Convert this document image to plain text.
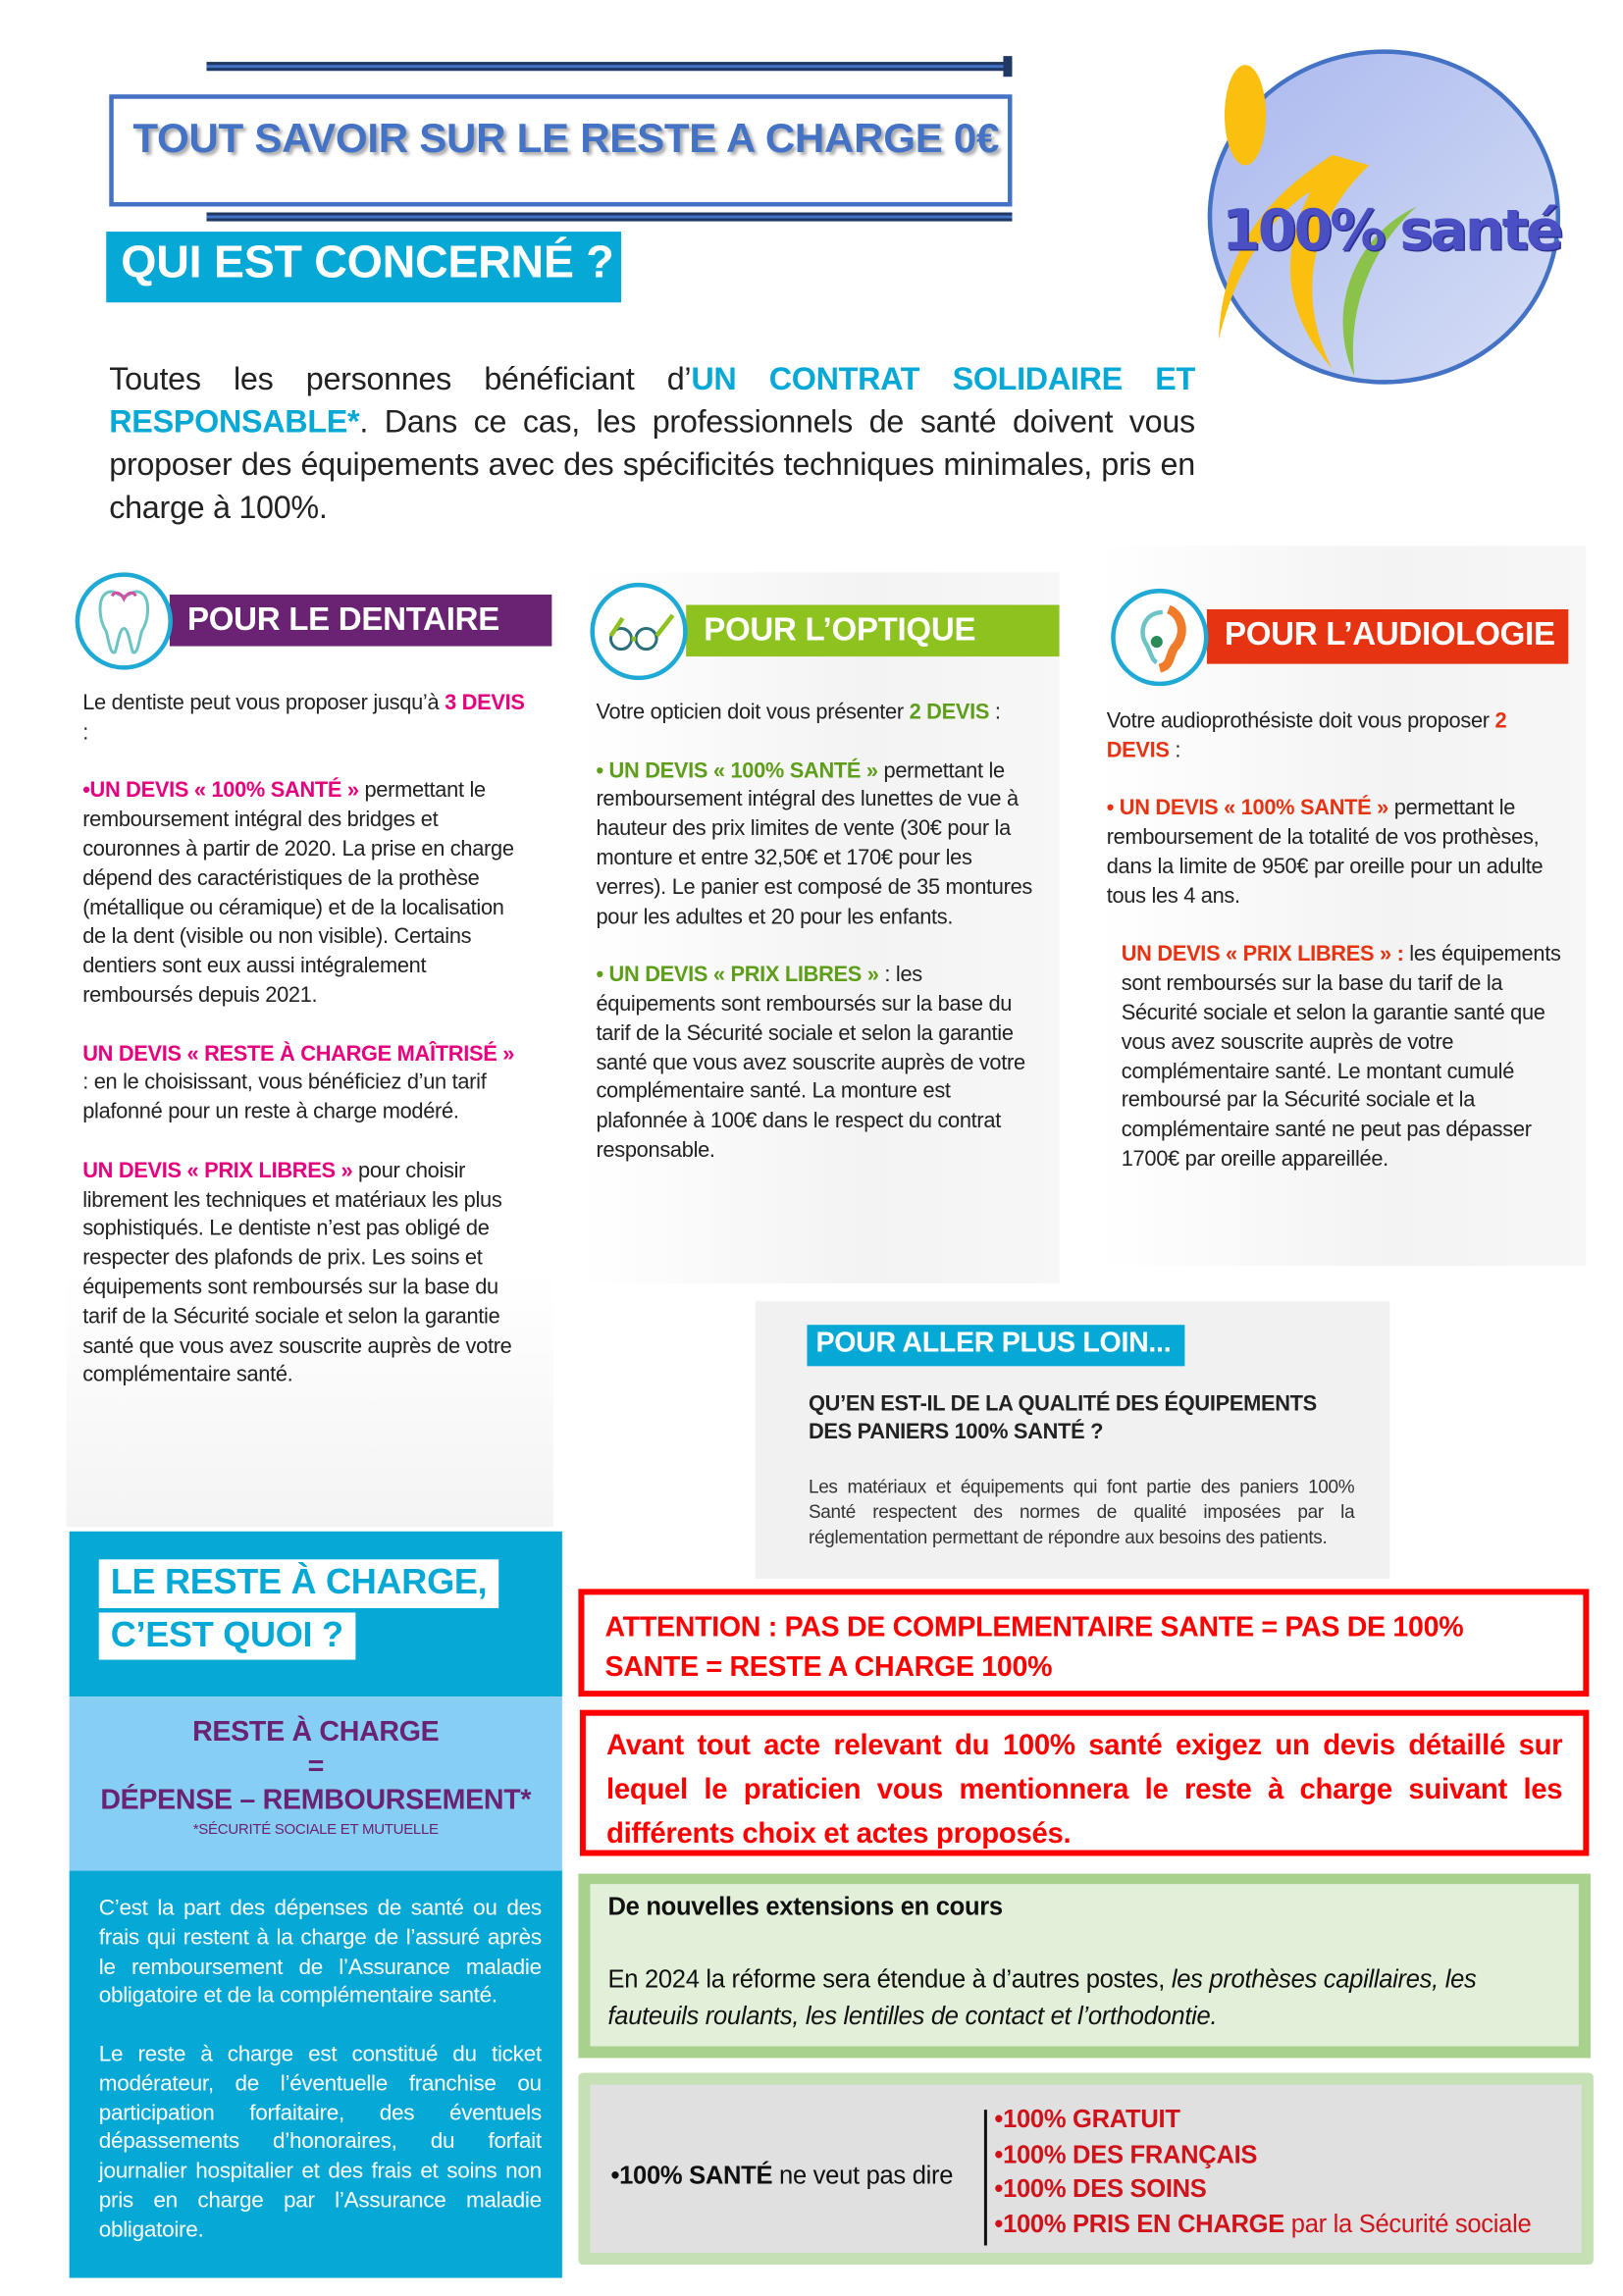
TOUT SAVOIR SUR LE RESTE A CHARGE 0€
QUI EST CONCERNÉ ?	100% santé
Toutes les personnes bénéficiant d’UN CONTRAT SOLIDAIRE ET RESPONSABLE*. Dans ce cas, les professionnels de santé doivent vous proposer des équipements avec des spécificités techniques minimales, pris en charge à 100%.
POUR LE DENTAIRE

Le dentiste peut vous proposer jusqu’à 3 DEVIS :

•UN DEVIS « 100% SANTÉ » permettant le remboursement intégral des bridges et couronnes à partir de 2020. La prise en charge dépend des caractéristiques de la prothèse (métallique ou céramique) et de la localisation de la dent (visible ou non visible). Certains dentiers sont eux aussi intégralement remboursés depuis 2021.

UN DEVIS « RESTE À CHARGE MAÎTRISÉ » : en le choisissant, vous bénéficiez d’un tarif plafonné pour un reste à charge modéré.

UN DEVIS « PRIX LIBRES » pour choisir librement les techniques et matériaux les plus sophistiqués. Le dentiste n’est pas obligé de respecter des plafonds de prix. Les soins et équipements sont remboursés sur la base du tarif de la Sécurité sociale et selon la garantie santé que vous avez souscrite auprès de votre complémentaire santé.

POUR L’OPTIQUE

Votre opticien doit vous présenter 2 DEVIS :

• UN DEVIS « 100% SANTÉ » permettant le remboursement intégral des lunettes de vue à hauteur des prix limites de vente (30€ pour la monture et entre 32,50€ et 170€ pour les verres). Le panier est composé de 35 montures pour les adultes et 20 pour les enfants.

• UN DEVIS « PRIX LIBRES » : les équipements sont remboursés sur la base du tarif de la Sécurité sociale et selon la garantie santé que vous avez souscrite auprès de votre complémentaire santé. La monture est plafonnée à 100€ dans le respect du contrat responsable.

POUR L’AUDIOLOGIE

Votre audioprothésiste doit vous proposer 2 DEVIS :

• UN DEVIS « 100% SANTÉ » permettant le remboursement de la totalité de vos prothèses, dans la limite de 950€ par oreille pour un adulte tous les 4 ans.

UN DEVIS « PRIX LIBRES » : les équipements sont remboursés sur la base du tarif de la Sécurité sociale et selon la garantie santé que vous avez souscrite auprès de votre complémentaire santé. Le montant cumulé remboursé par la Sécurité sociale et la complémentaire santé ne peut pas dépasser 1700€ par oreille appareillée.

POUR ALLER PLUS LOIN...
QU’EN EST-IL DE LA QUALITÉ DES ÉQUIPEMENTS DES PANIERS 100% SANTÉ ?
Les matériaux et équipements qui font partie des paniers 100% Santé respectent des normes de qualité imposées par la réglementation permettant de répondre aux besoins des patients.
LE RESTE À CHARGE,
C’EST QUOI ?
RESTE À CHARGE
=
DÉPENSE – REMBOURSEMENT*
*SÉCURITÉ SOCIALE ET MUTUELLE

C’est la part des dépenses de santé ou des frais qui restent à la charge de l’assuré après le remboursement de l’Assurance maladie obligatoire et de la complémentaire santé.

Le reste à charge est constitué du ticket modérateur, de l’éventuelle franchise ou participation forfaitaire, des éventuels dépassements d’honoraires, du forfait journalier hospitalier et des frais et soins non pris en charge par l’Assurance maladie obligatoire.

ATTENTION : PAS DE COMPLEMENTAIRE SANTE = PAS DE 100% SANTE = RESTE A CHARGE 100%
Avant tout acte relevant du 100% santé exigez un devis détaillé sur lequel le praticien vous mentionnera le reste à charge suivant les différents choix et actes proposés.
De nouvelles extensions en cours
En 2024 la réforme sera étendue à d’autres postes, les prothèses capillaires, les fauteuils roulants, les lentilles de contact et l’orthodontie.
•100% SANTÉ ne veut pas dire
•100% GRATUIT
•100% DES FRANÇAIS
•100% DES SOINS
•100% PRIS EN CHARGE par la Sécurité sociale
